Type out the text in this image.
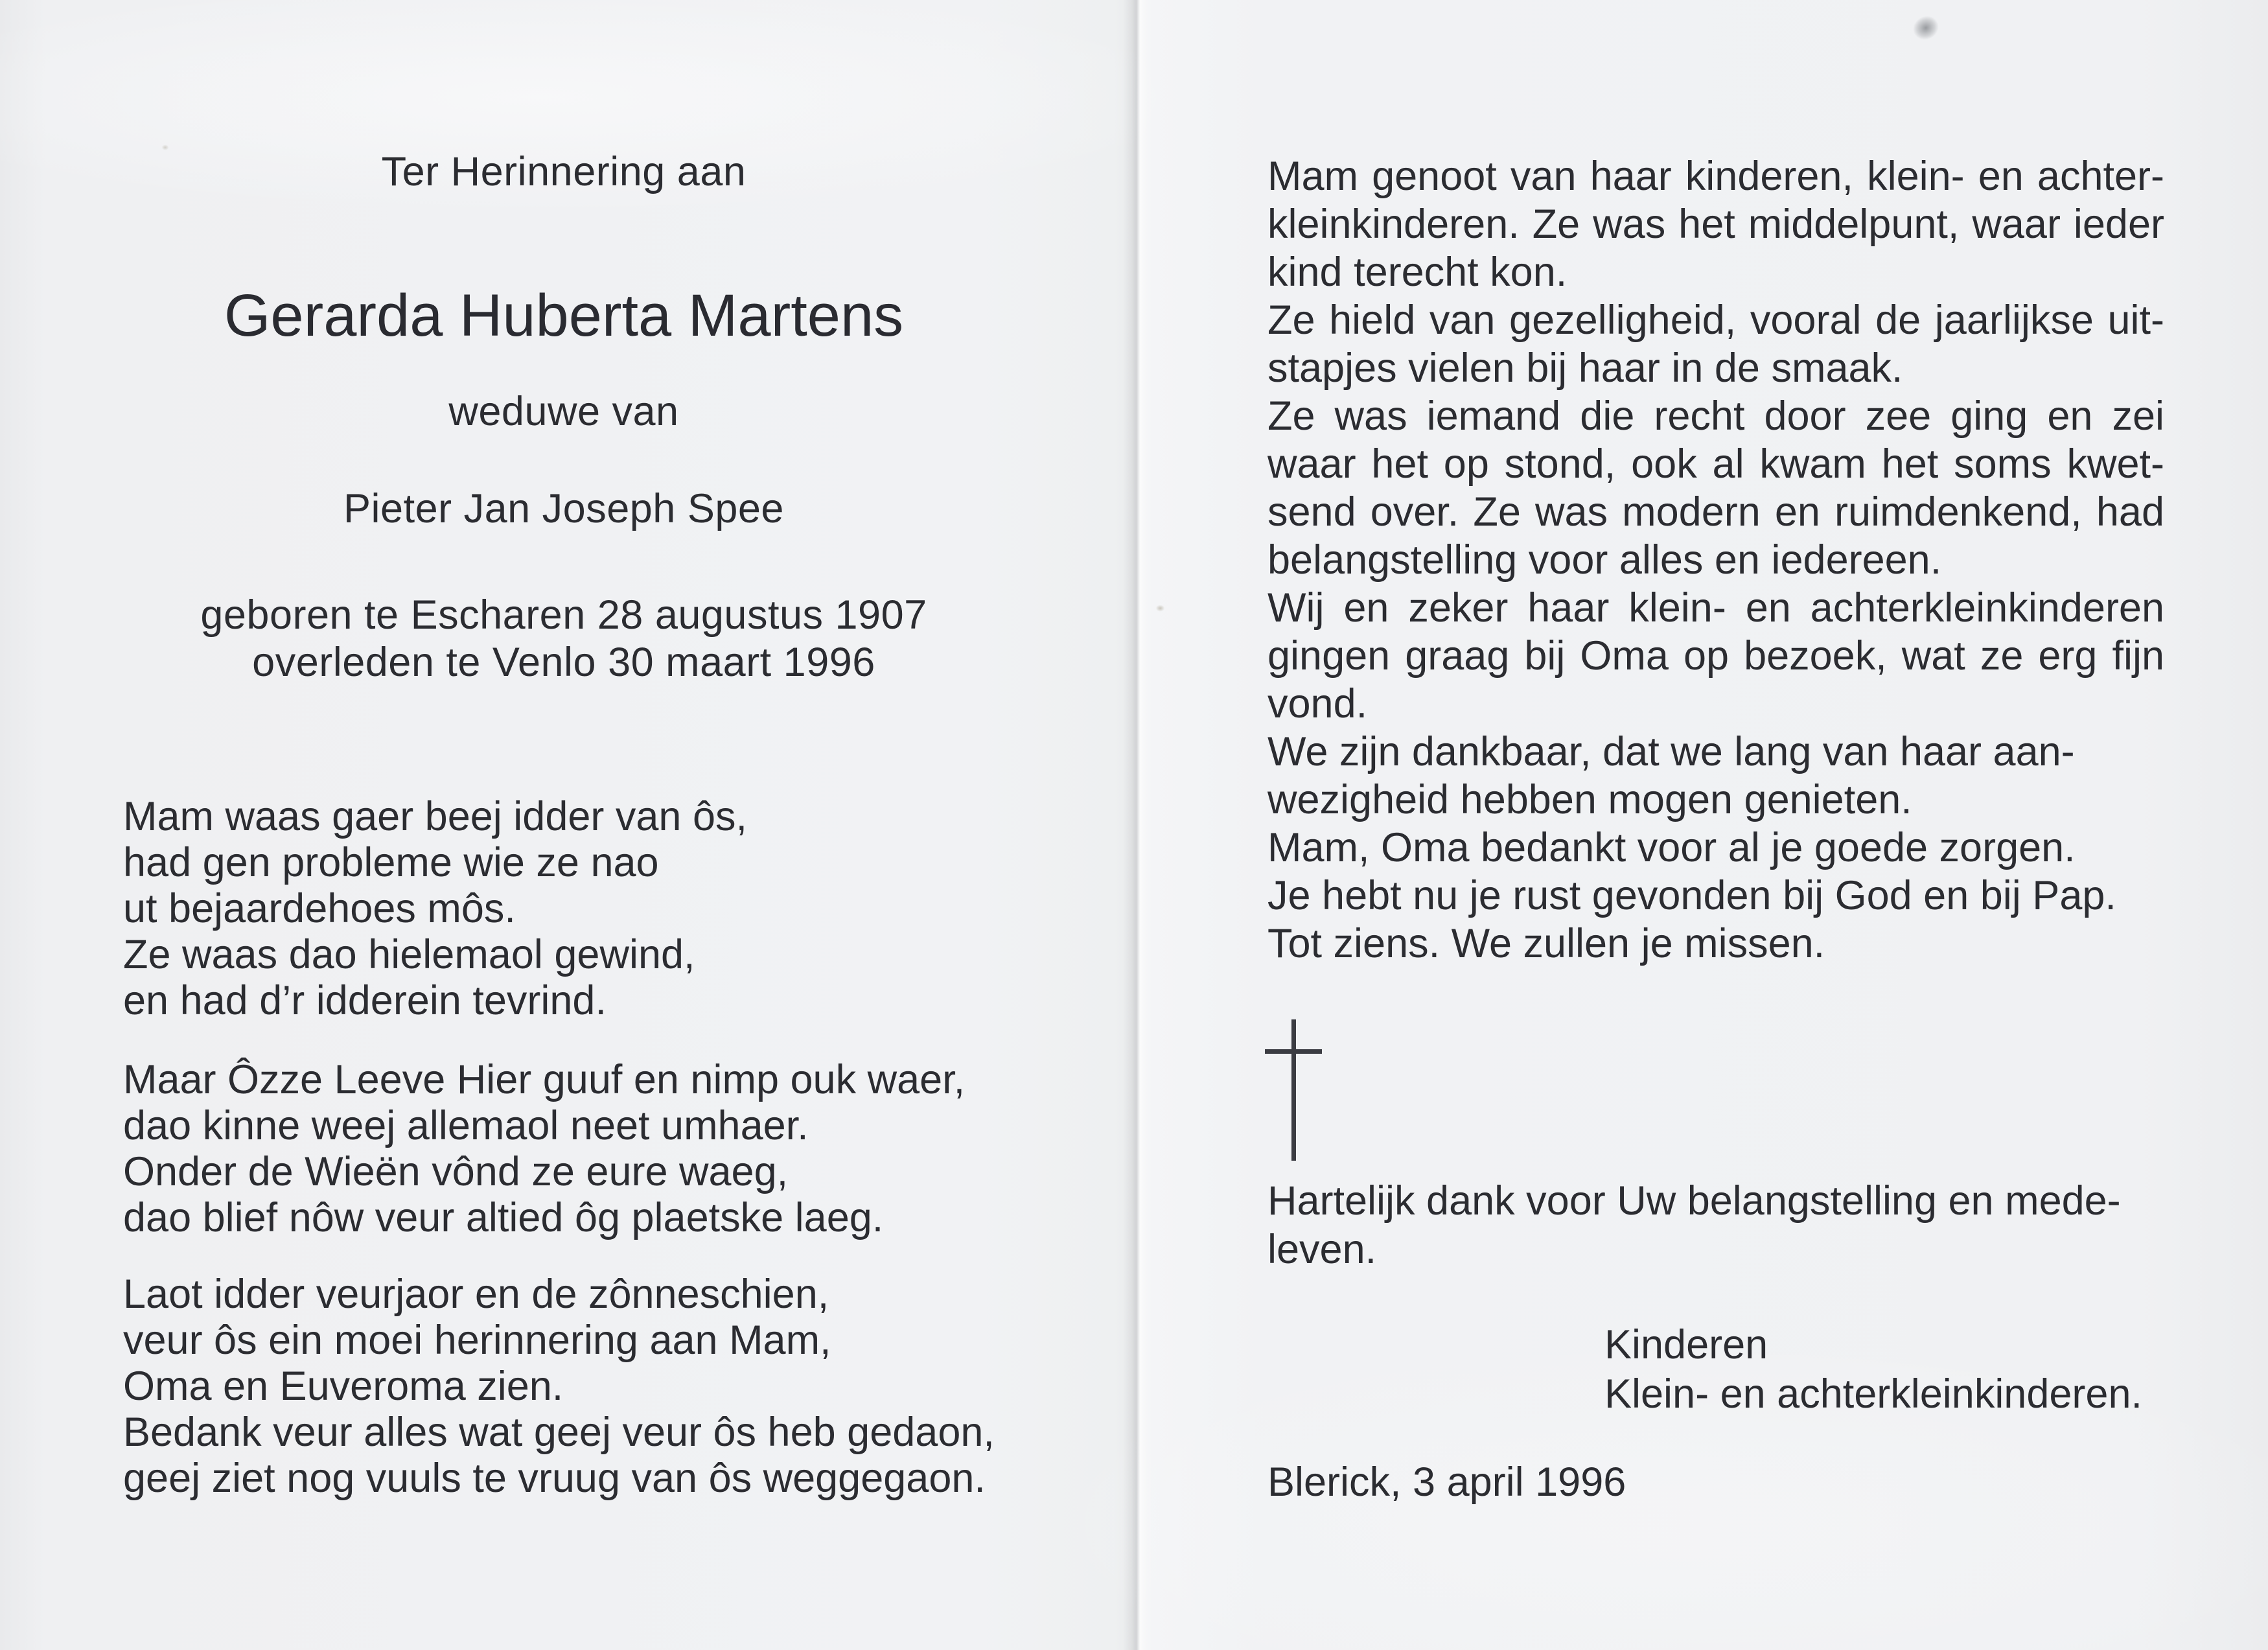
Ter Herinnering aan
Gerarda Huberta Martens
weduwe van
Pieter Jan Joseph Spee
geboren te Escharen 28 augustus 1907
overleden te Venlo 30 maart 1996
Mam waas gaer beej idder van ôs,
had gen probleme wie ze nao
ut bejaardehoes môs.
Ze waas dao hielemaol gewind,
en had d’r idderein tevrind.
Maar Ôzze Leeve Hier guuf en nimp ouk waer,
dao kinne weej allemaol neet umhaer.
Onder de Wieën vônd ze eure waeg,
dao blief nôw veur altied ôg plaetske laeg.
Laot idder veurjaor en de zônneschien,
veur ôs ein moei herinnering aan Mam,
Oma en Euveroma zien.
Bedank veur alles wat geej veur ôs heb gedaon,
geej ziet nog vuuls te vruug van ôs weggegaon.
Mam genoot van haar kinderen, klein- en achter-
kleinkinderen. Ze was het middelpunt, waar ieder
kind terecht kon.
Ze hield van gezelligheid, vooral de jaarlijkse uit-
stapjes vielen bij haar in de smaak.
Ze was iemand die recht door zee ging en zei
waar het op stond, ook al kwam het soms kwet-
send over. Ze was modern en ruimdenkend, had
belangstelling voor alles en iedereen.
Wij en zeker haar klein- en achterkleinkinderen
gingen graag bij Oma op bezoek, wat ze erg fijn
vond.
We zijn dankbaar, dat we lang van haar aan-
wezigheid hebben mogen genieten.
Mam, Oma bedankt voor al je goede zorgen.
Je hebt nu je rust gevonden bij God en bij Pap.
Tot ziens. We zullen je missen.
Hartelijk dank voor Uw belangstelling en mede-
leven.
Kinderen
Klein- en achterkleinkinderen.
Blerick, 3 april 1996
